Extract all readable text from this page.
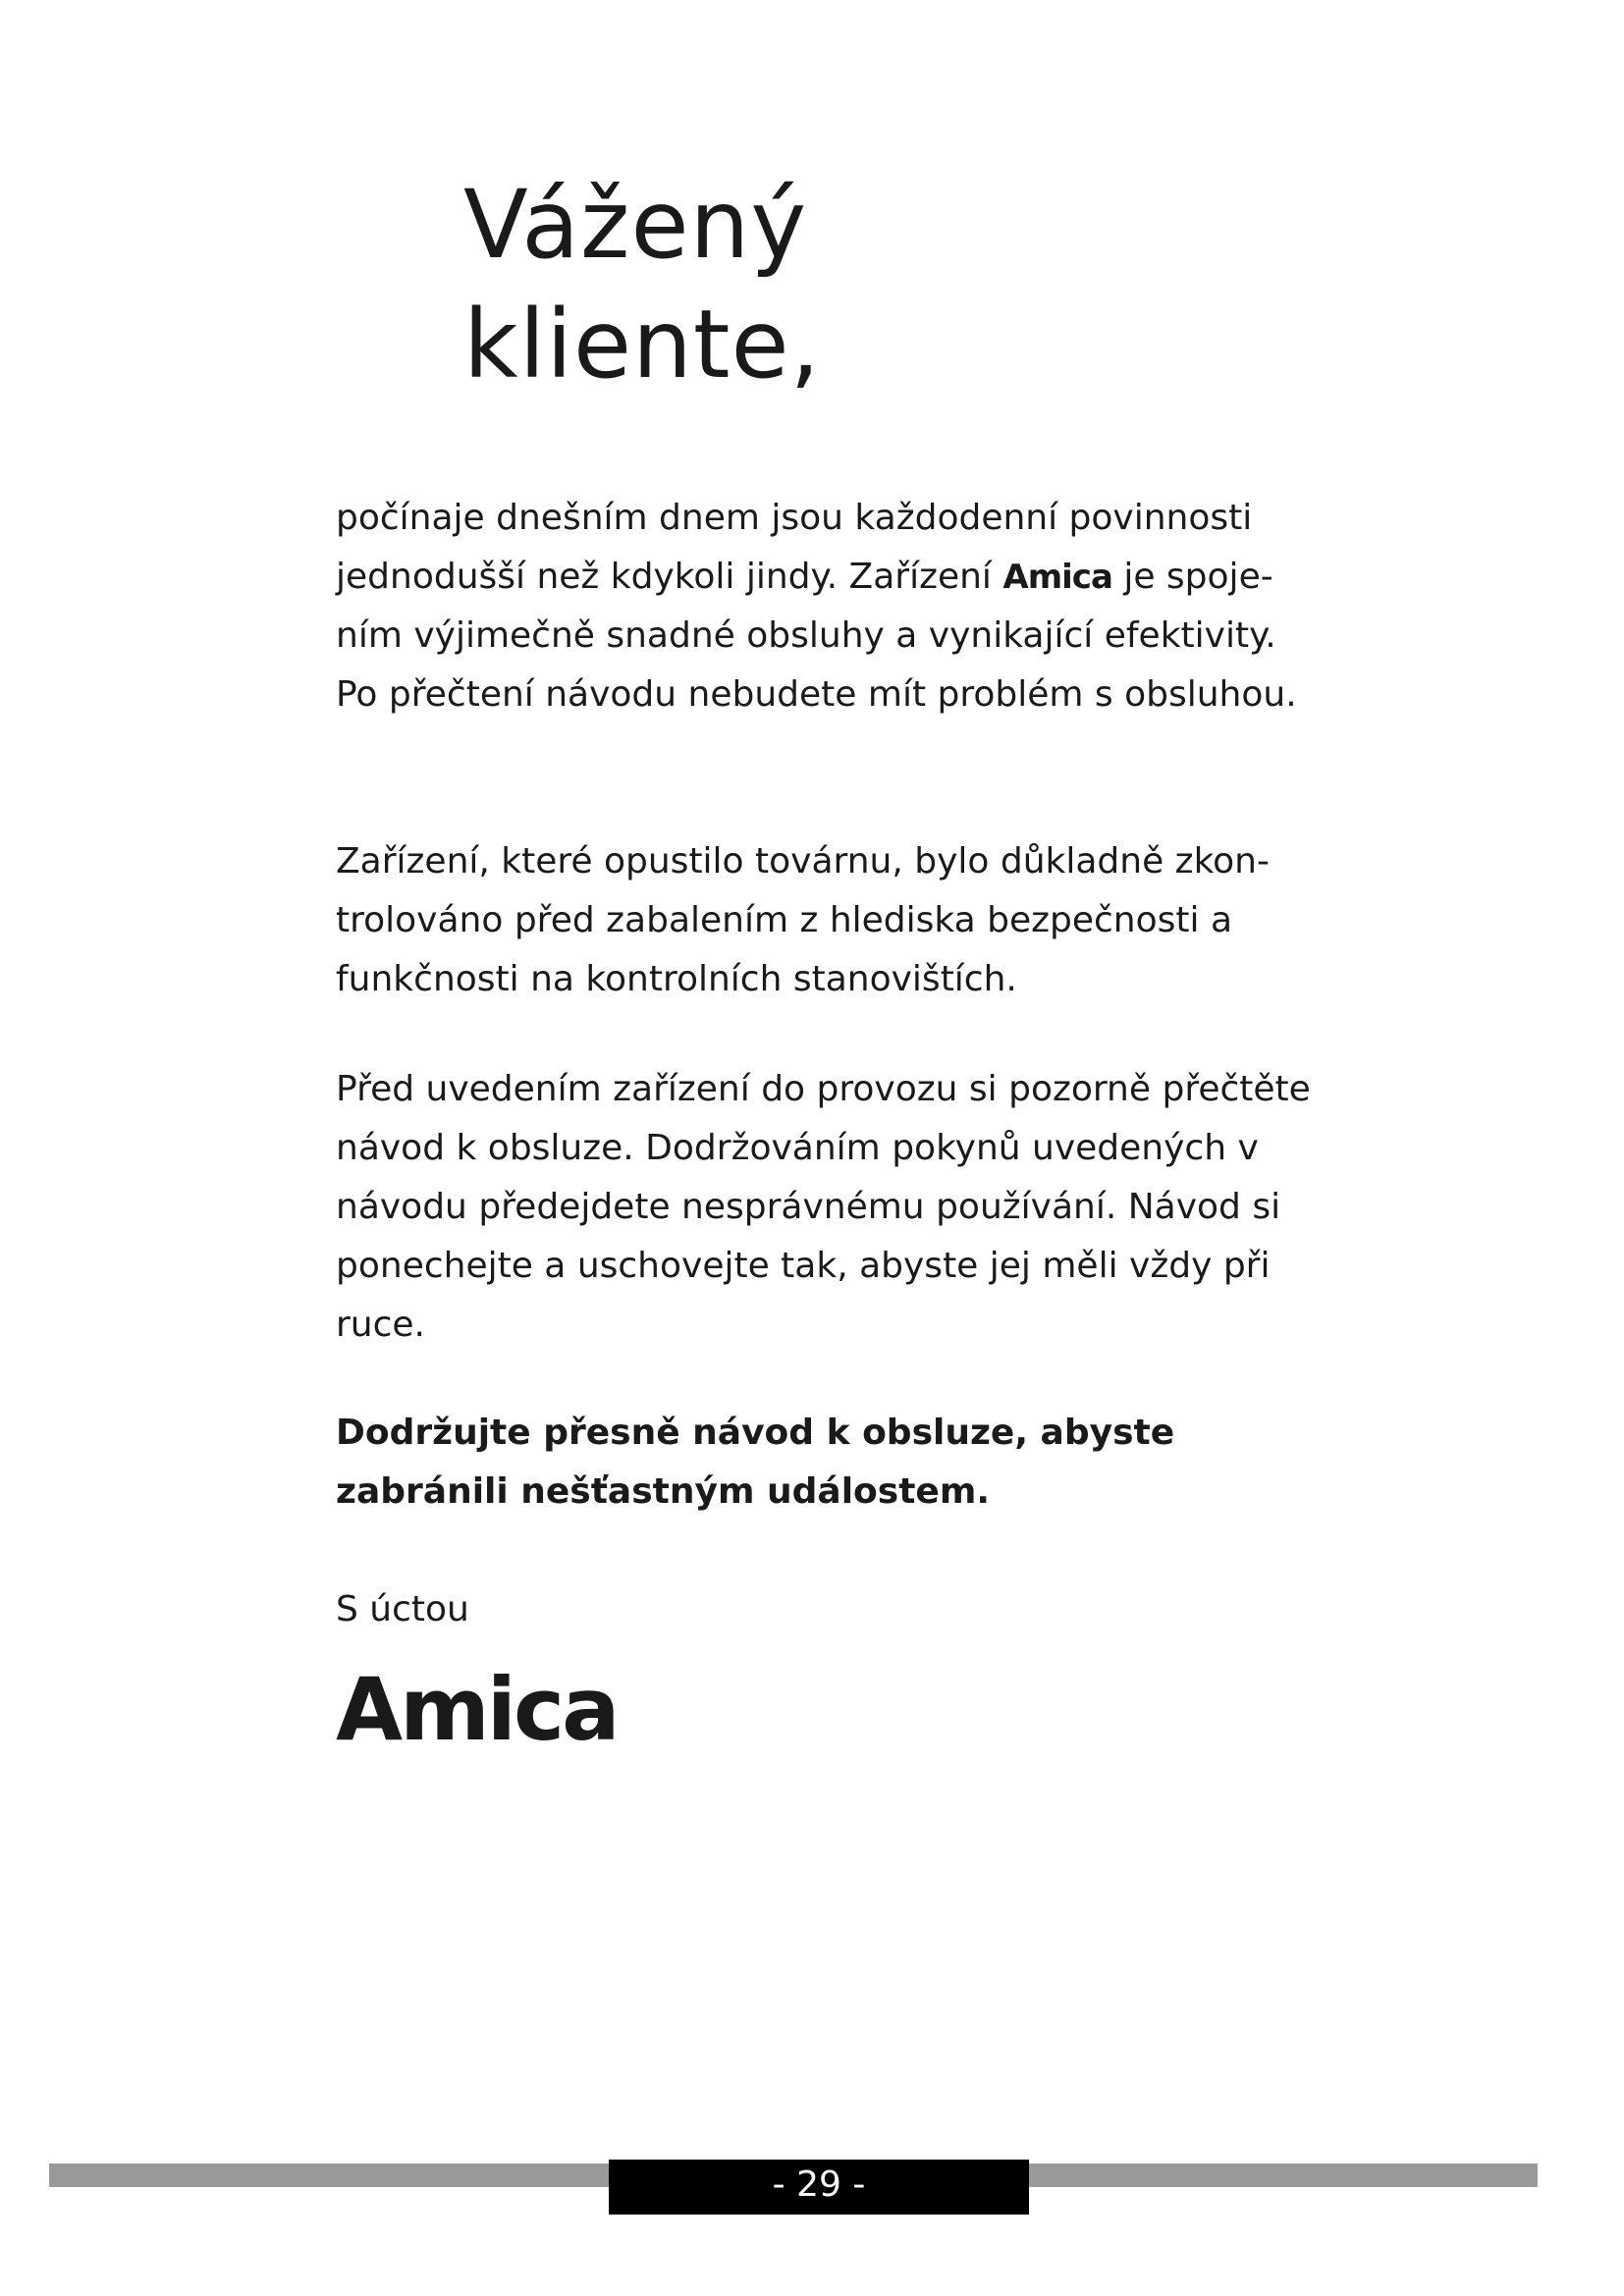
Vážený
kliente,

počínaje dnešním dnem jsou každodenní povinnosti jednodušší než kdykoli jindy. Zařízení Amica je spojením výjimečně snadné obsluhy a vynikající efektivity. Po přečtení návodu nebudete mít problém s obsluhou.

Zařízení, které opustilo továrnu, bylo důkladně zkontrolováno před zabalením z hlediska bezpečnosti a funkčnosti na kontrolních stanovištích.

Před uvedením zařízení do provozu si pozorně přečtěte návod k obsluze. Dodržováním pokynů uvedených v návodu předejdete nesprávnému používání. Návod si ponechejte a uschovejte tak, abyste jej měli vždy při ruce.

Dodržujte přesně návod k obsluze, abyste zabránili nešťastným událostem.

S úctou

Amica
- 29 -
